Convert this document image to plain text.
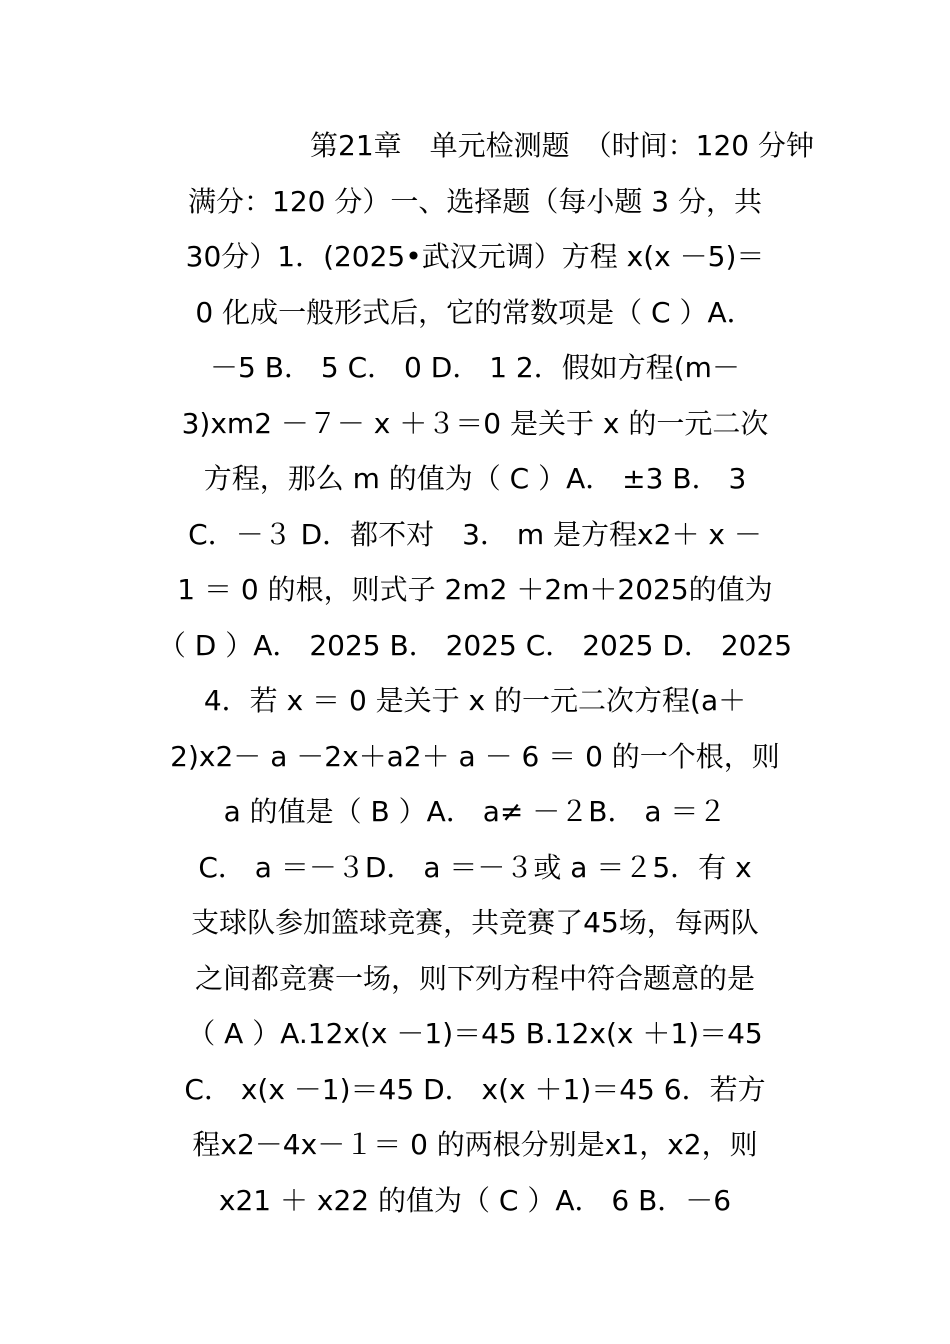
第21章　单元检测题　（时间：120 分钟
满分：120 分）一、选择题（每小题 3 分，共
30分）1．(2025•武汉元调）方程 x(x －5)＝
0 化成一般形式后，它的常数项是（ C ）A．
－5 B． 5 C． 0 D． 1 2．假如方程(m－
3)xm2 －７－ x ＋３＝0 是关于 x 的一元二次
方程，那么 m 的值为（ C ）A． ±3 B． 3
C．－３ D．都不对　3． m 是方程x2＋ x －
1 ＝ 0 的根，则式子 2m2 ＋2m＋2025的值为
（ D ）A． 2025 B． 2025 C． 2025 D． 2025
4．若 x ＝ 0 是关于 x 的一元二次方程(a＋
2)x2－ a －2x＋a2＋ a － 6 ＝ 0 的一个根，则
a 的值是（ B ）A． a≠ －２B． a ＝２
C． a ＝－３D． a ＝－３或 a ＝２5．有 x
支球队参加篮球竞赛，共竞赛了45场，每两队
之间都竞赛一场，则下列方程中符合题意的是
（ A ）A.12x(x －1)＝45 B.12x(x ＋1)＝45
C． x(x －1)＝45 D． x(x ＋1)＝45 6．若方
程x2－4x－１＝ 0 的两根分别是x1，x2，则
x21 ＋ x22 的值为（ C ）A． 6 B．－6
